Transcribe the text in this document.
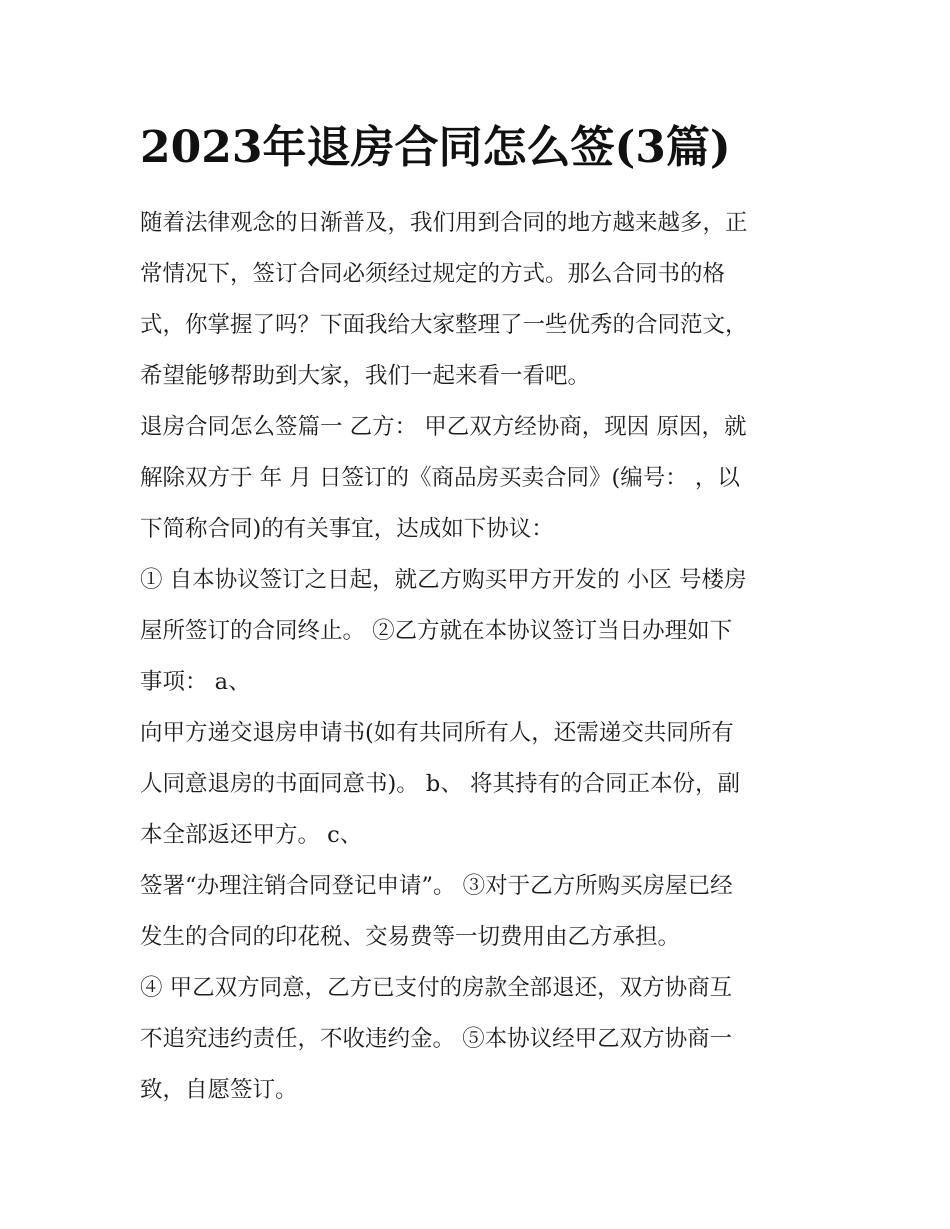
2023年退房合同怎么签(3篇)
随着法律观念的日渐普及，我们用到合同的地方越来越多，正
常情况下，签订合同必须经过规定的方式。那么合同书的格
式，你掌握了吗？下面我给大家整理了一些优秀的合同范文，
希望能够帮助到大家，我们一起来看一看吧。
退房合同怎么签篇一 乙方： 甲乙双方经协商，现因 原因，就
解除双方于 年 月 日签订的《商品房买卖合同》(编号： ，以
下简称合同)的有关事宜，达成如下协议：
① 自本协议签订之日起，就乙方购买甲方开发的 小区 号楼房
屋所签订的合同终止。 ②乙方就在本协议签订当日办理如下
事项： a、
向甲方递交退房申请书(如有共同所有人，还需递交共同所有
人同意退房的书面同意书)。 b、 将其持有的合同正本份，副
本全部返还甲方。 c、
签署“办理注销合同登记申请”。 ③对于乙方所购买房屋已经
发生的合同的印花税、交易费等一切费用由乙方承担。
④ 甲乙双方同意，乙方已支付的房款全部退还，双方协商互
不追究违约责任，不收违约金。 ⑤本协议经甲乙双方协商一
致，自愿签订。
